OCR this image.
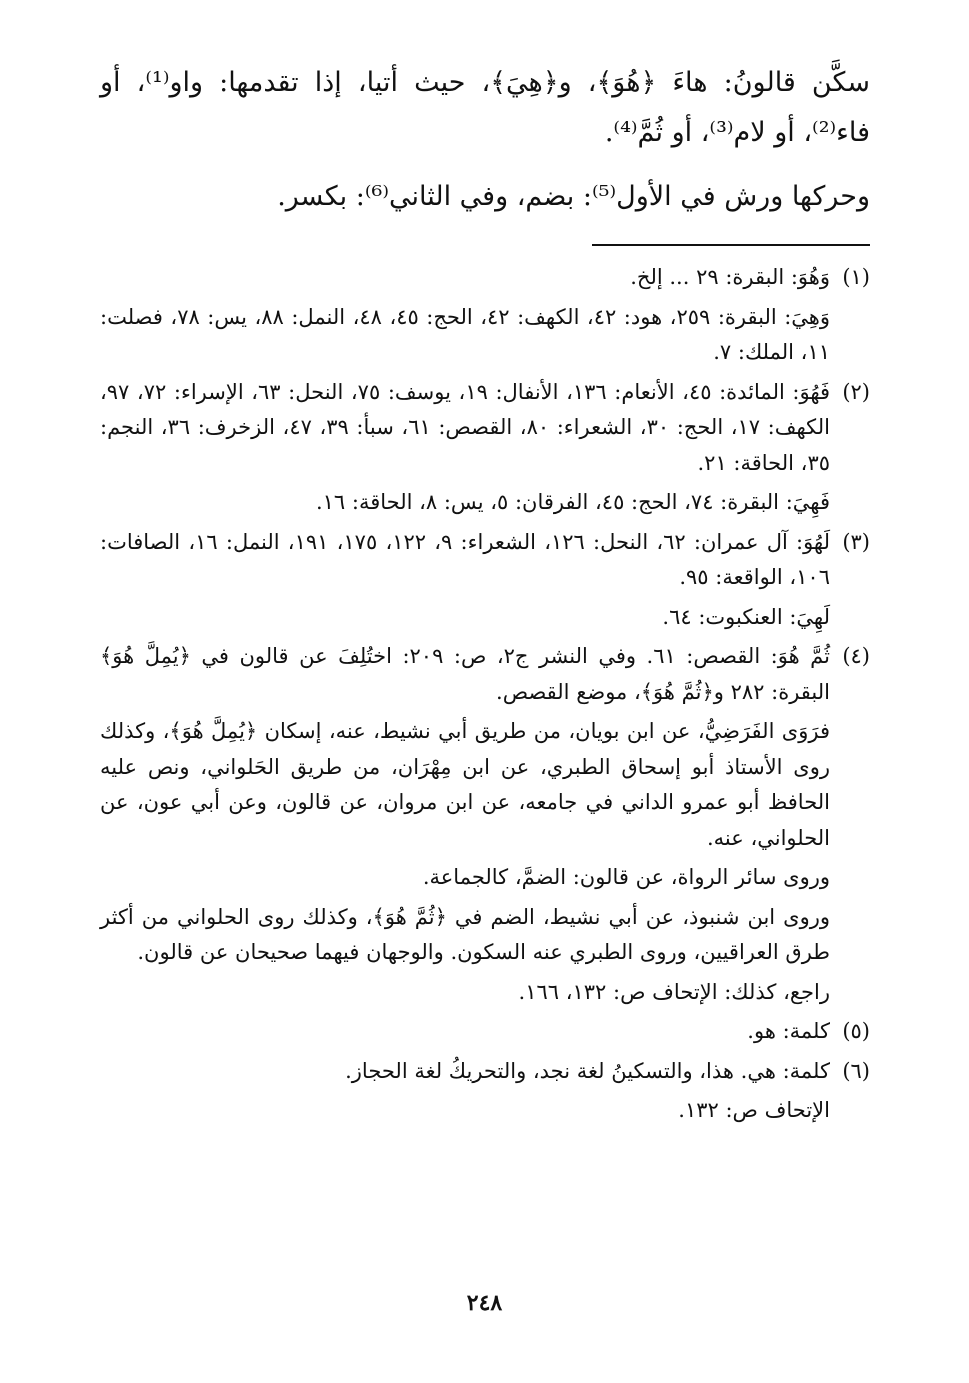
سكَّن قالونُ: هاءَ ﴿هُوَ﴾، و﴿هِيَ﴾، حيث أتيا، إذا تقدمها: واو⁽¹⁾، أو فاء⁽²⁾، أو لام⁽³⁾، أو ثُمَّ⁽⁴⁾.

وحركها ورش في الأول⁽⁵⁾: بضم، وفي الثاني⁽⁶⁾: بكسر.

(١)
وَهُوَ: البقرة: ٢٩ ... إلخ.
وَهِيَ: البقرة: ٢٥٩، هود: ٤٢، الكهف: ٤٢، الحج: ٤٥، ٤٨، النمل: ٨٨، يس: ٧٨، فصلت: ١١، الملك: ٧.
(٢)
فَهُوَ: المائدة: ٤٥، الأنعام: ١٣٦، الأنفال: ١٩، يوسف: ٧٥، النحل: ٦٣، الإسراء: ٧٢، ٩٧، الكهف: ١٧، الحج: ٣٠، الشعراء: ٨٠، القصص: ٦١، سبأ: ٣٩، ٤٧، الزخرف: ٣٦، النجم: ٣٥، الحاقة: ٢١.
فَهِيَ: البقرة: ٧٤، الحج: ٤٥، الفرقان: ٥، يس: ٨، الحاقة: ١٦.
(٣)
لَهُوَ: آل عمران: ٦٢، النحل: ١٢٦، الشعراء: ٩، ١٢٢، ١٧٥، ١٩١، النمل: ١٦، الصافات: ١٠٦، الواقعة: ٩٥.
لَهِيَ: العنكبوت: ٦٤.
(٤)
ثُمَّ هُوَ: القصص: ٦١. وفي النشر ج٢، ص: ٢٠٩: اختُلِفَ عن قالون في ﴿يُمِلَّ هُوَ﴾ البقرة: ٢٨٢ و﴿ثُمَّ هُوَ﴾، موضع القصص.
فرَوَى الفَرَضِيُّ، عن ابن بويان، من طريق أبي نشيط، عنه، إسكان ﴿يُمِلَّ هُوَ﴾، وكذلك روى الأستاذ أبو إسحاق الطبري، عن ابن مِهْرَان، من طريق الحَلواني، ونص عليه الحافظ أبو عمرو الداني في جامعه، عن ابن مروان، عن قالون، وعن أبي عون، عن الحلواني، عنه.
وروى سائر الرواة، عن قالون: الضمَّ، كالجماعة.
وروى ابن شنبوذ، عن أبي نشيط، الضم في ﴿ثُمَّ هُوَ﴾، وكذلك روى الحلواني من أكثر طرق العراقيين، وروى الطبري عنه السكون. والوجهان فيهما صحيحان عن قالون.
راجع، كذلك: الإتحاف ص: ١٣٢، ١٦٦.
(٥)
كلمة: هو.
(٦)
كلمة: هي. هذا، والتسكينُ لغة نجد، والتحريكُ لغة الحجاز.
الإتحاف ص: ١٣٢.
٢٤٨
